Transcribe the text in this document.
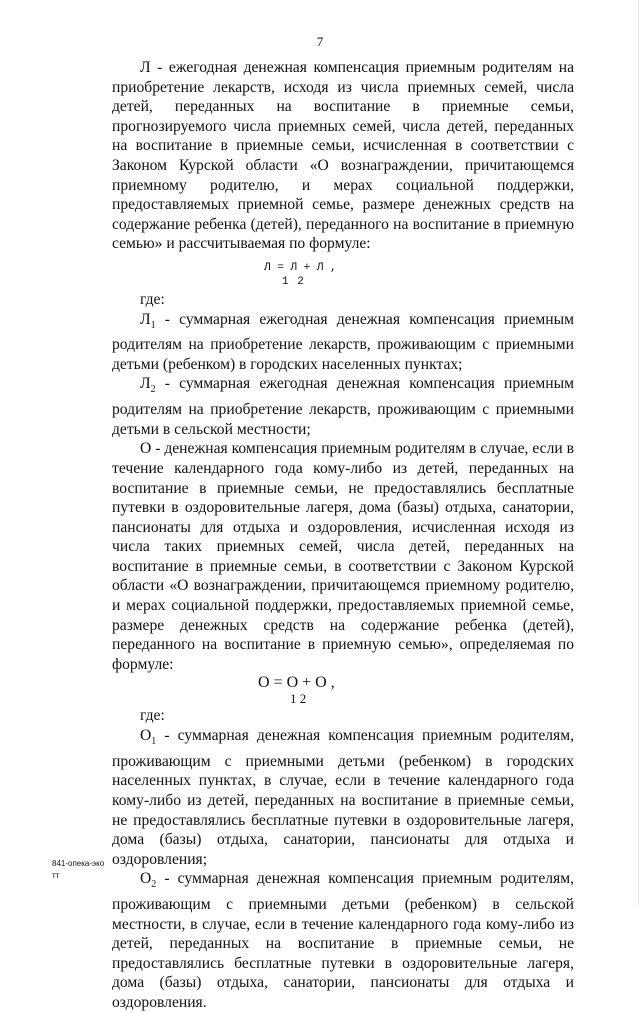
7

Л - ежегодная денежная компенсация приемным родителям на приобретение лекарств, исходя из числа приемных семей, числа детей, переданных на воспитание в приемные семьи, прогнозируемого числа приемных семей, числа детей, переданных на воспитание в приемные семьи, исчисленная в соответствии с Законом Курской области «О вознаграждении, причитающемся приемному родителю, и мерах социальной поддержки, предоставляемых приемной семье, размере денежных средств на содержание ребенка (детей), переданного на воспитание в приемную семью» и рассчитываемая по формуле:

Л = Л + Л ,
1 2

где:

$Л_1$ - суммарная ежегодная денежная компенсация приемным родителям на приобретение лекарств, проживающим с приемными детьми (ребенком) в городских населенных пунктах;

$Л_2$ - суммарная ежегодная денежная компенсация приемным родителям на приобретение лекарств, проживающим с приемными детьми в сельской местности;

О - денежная компенсация приемным родителям в случае, если в течение календарного года кому-либо из детей, переданных на воспитание в приемные семьи, не предоставлялись бесплатные путевки в оздоровительные лагеря, дома (базы) отдыха, санатории, пансионаты для отдыха и оздоровления, исчисленная исходя из числа таких приемных семей, числа детей, переданных на воспитание в приемные семьи, в соответствии с Законом Курской области «О вознаграждении, причитающемся приемному родителю, и мерах социальной поддержки, предоставляемых приемной семье, размере денежных средств на содержание ребенка (детей), переданного на воспитание в приемную семью», определяемая по формуле:

О = О + О ,
1 2

где:

$О_1$ - суммарная денежная компенсация приемным родителям, проживающим с приемными детьми (ребенком) в городских населенных пунктах, в случае, если в течение календарного года кому-либо из детей, переданных на воспитание в приемные семьи, не предоставлялись бесплатные путевки в оздоровительные лагеря, дома (базы) отдыха, санатории, пансионаты для отдыха и оздоровления;

$О_2$ - суммарная денежная компенсация приемным родителям, проживающим с приемными детьми (ребенком) в сельской местности, в случае, если в течение календарного года кому-либо из детей, переданных на воспитание в приемные семьи, не предоставлялись бесплатные путевки в оздоровительные лагеря, дома (базы) отдыха, санатории, пансионаты для отдыха и оздоровления.

841-опека-эко
тт
